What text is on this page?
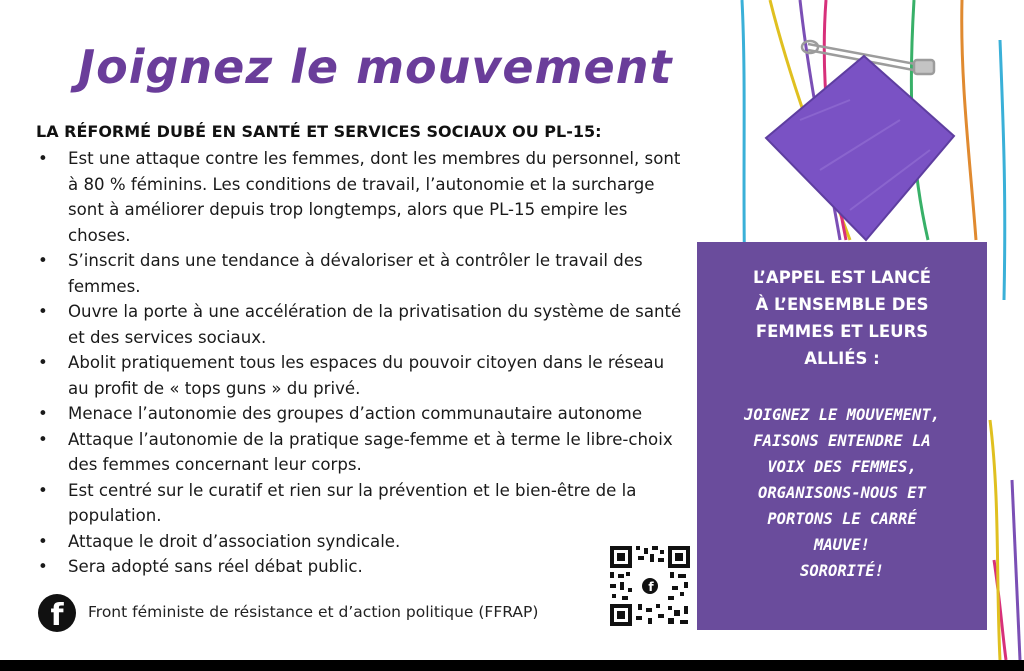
Joignez le mouvement

LA RÉFORMÉ DUBÉ EN SANTÉ ET SERVICES SOCIAUX OU PL-15:

• Est une attaque contre les femmes, dont les membres du personnel, sont à 80 % féminins. Les conditions de travail, l’autonomie et la surcharge sont à améliorer depuis trop longtemps, alors que PL-15 empire les choses.
• S’inscrit dans une tendance à dévaloriser et à contrôler le travail des femmes.
• Ouvre la porte à une accélération de la privatisation du système de santé et des services sociaux.
• Abolit pratiquement tous les espaces du pouvoir citoyen dans le réseau au profit de « tops guns » du privé.
• Menace l’autonomie des groupes d’action communautaire autonome
• Attaque l’autonomie de la pratique sage-femme et à terme le libre-choix des femmes concernant leur corps.
• Est centré sur le curatif et rien sur la prévention et le bien-être de la population.
• Attaque le droit d’association syndicale.
• Sera adopté sans réel débat public.
f	Front féministe de résistance et d’action politique (FFRAP)

f
L’APPEL EST LANCÉ
À L’ENSEMBLE DES
FEMMES ET LEURS
ALLIÉS :
JOIGNEZ LE MOUVEMENT,
FAISONS ENTENDRE LA
VOIX DES FEMMES,
ORGANISONS-NOUS ET
PORTONS LE CARRÉ
MAUVE!
SORORITÉ!
